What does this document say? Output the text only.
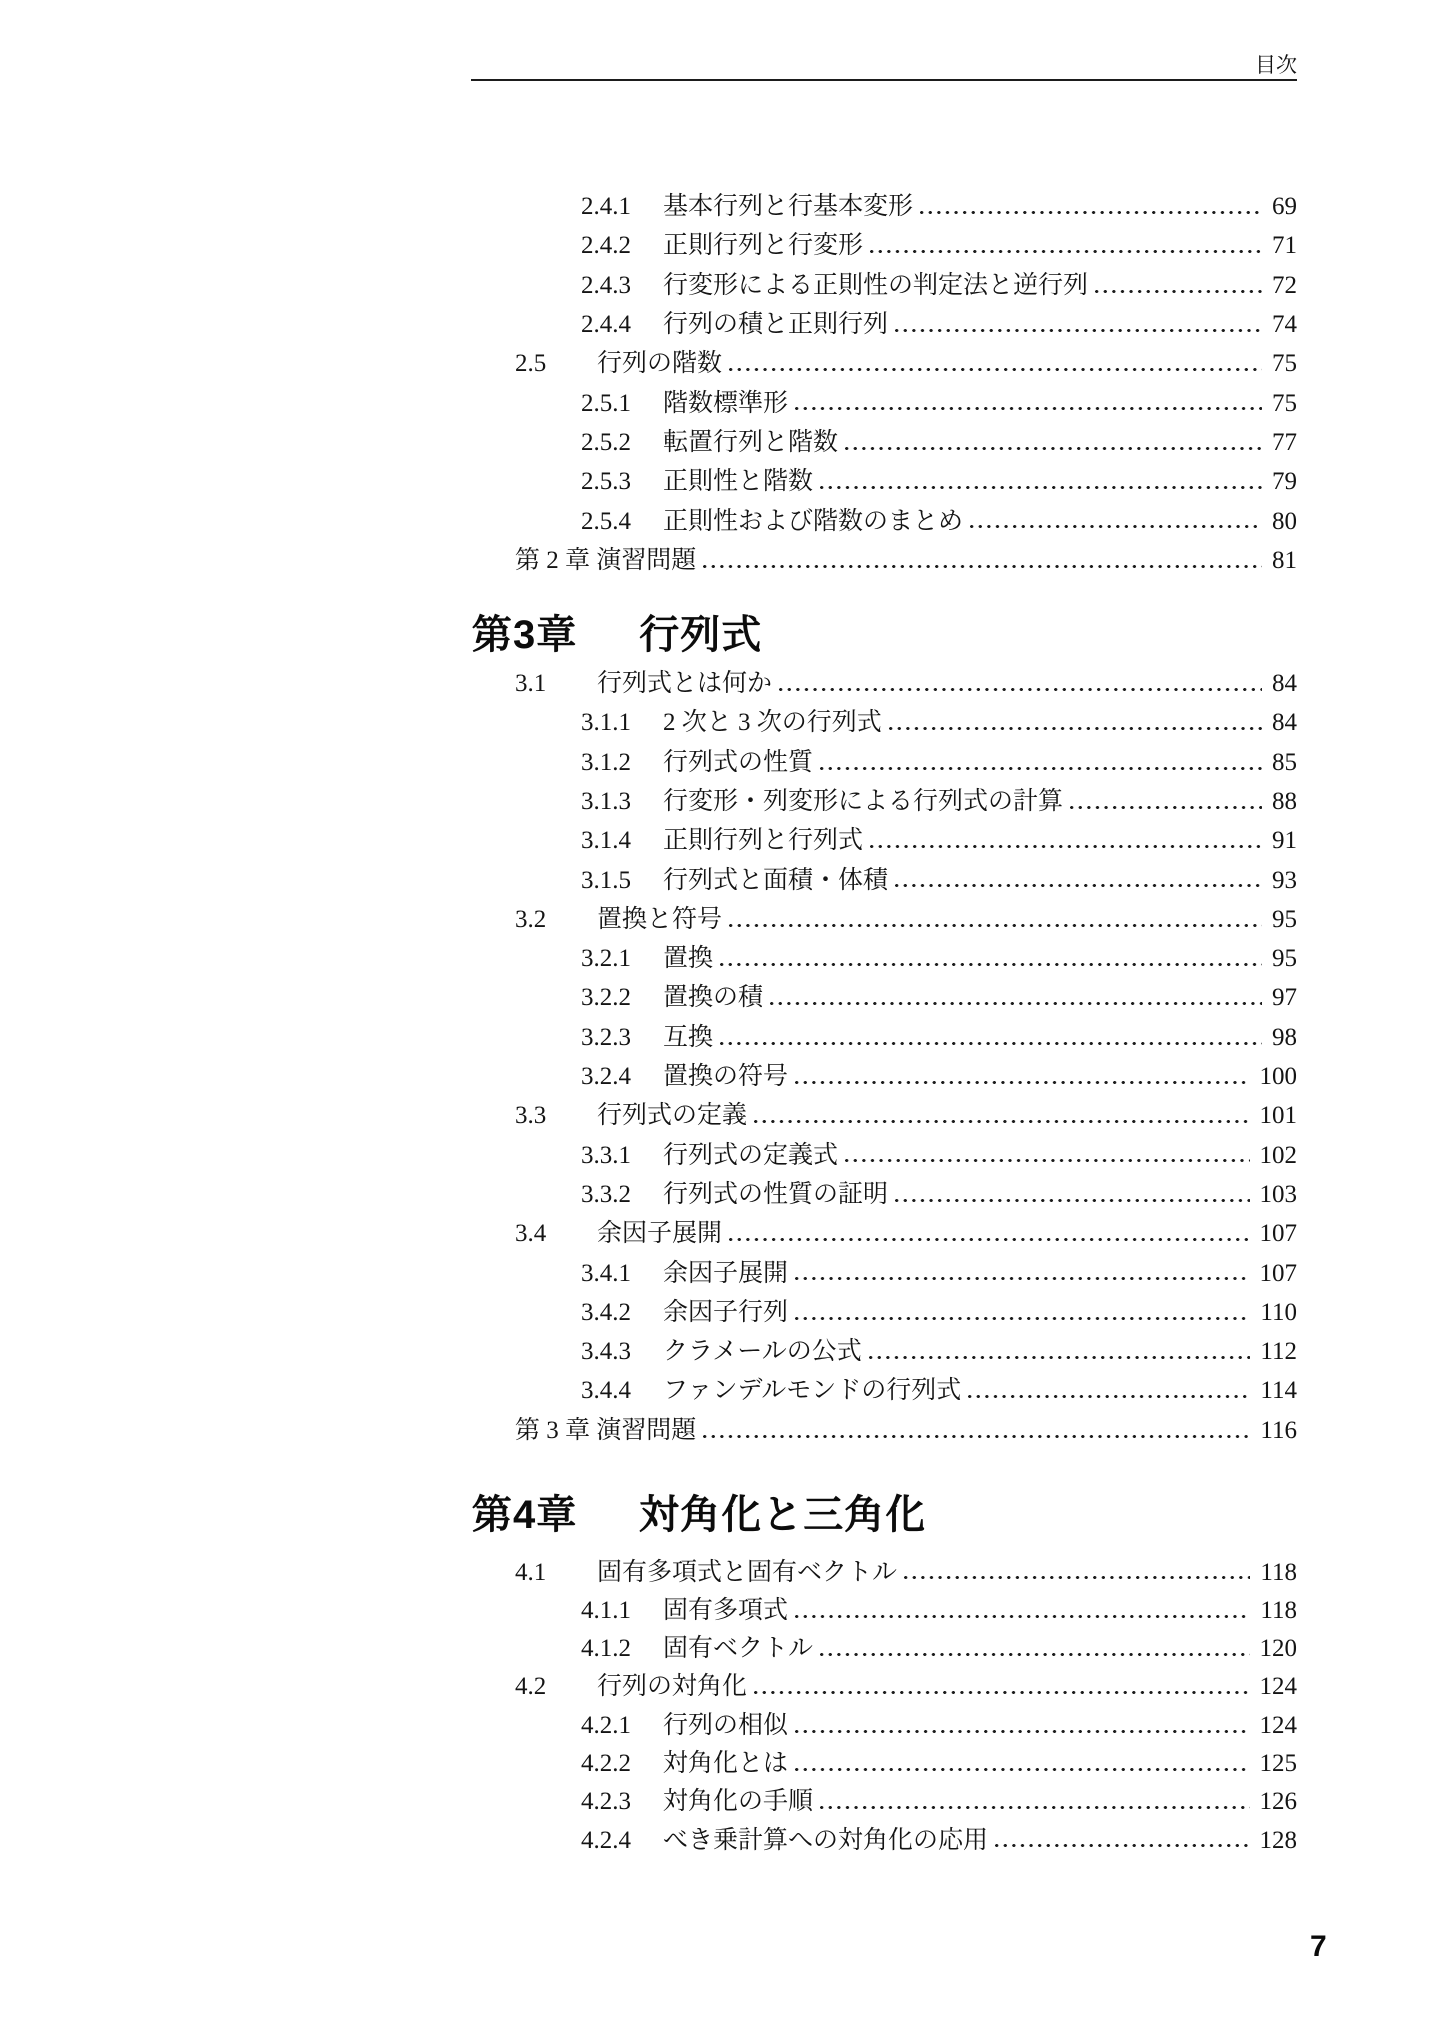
目次
2.4.1	基本行列と行基本変形	69
2.4.2	正則行列と行変形	71
2.4.3	行変形による正則性の判定法と逆行列	72
2.4.4	行列の積と正則行列	74
2.5	行列の階数	75
2.5.1	階数標準形	75
2.5.2	転置行列と階数	77
2.5.3	正則性と階数	79
2.5.4	正則性および階数のまとめ	80
第 2 章 演習問題	81
第3章 行列式
3.1	行列式とは何か	84
3.1.1	2 次と 3 次の行列式	84
3.1.2	行列式の性質	85
3.1.3	行変形・列変形による行列式の計算	88
3.1.4	正則行列と行列式	91
3.1.5	行列式と面積・体積	93
3.2	置換と符号	95
3.2.1	置換	95
3.2.2	置換の積	97
3.2.3	互換	98
3.2.4	置換の符号	100
3.3	行列式の定義	101
3.3.1	行列式の定義式	102
3.3.2	行列式の性質の証明	103
3.4	余因子展開	107
3.4.1	余因子展開	107
3.4.2	余因子行列	110
3.4.3	クラメールの公式	112
3.4.4	ファンデルモンドの行列式	114
第 3 章 演習問題	116
第4章 対角化と三角化
4.1	固有多項式と固有ベクトル	118
4.1.1	固有多項式	118
4.1.2	固有ベクトル	120
4.2	行列の対角化	124
4.2.1	行列の相似	124
4.2.2	対角化とは	125
4.2.3	対角化の手順	126
4.2.4	べき乗計算への対角化の応用	128
7
